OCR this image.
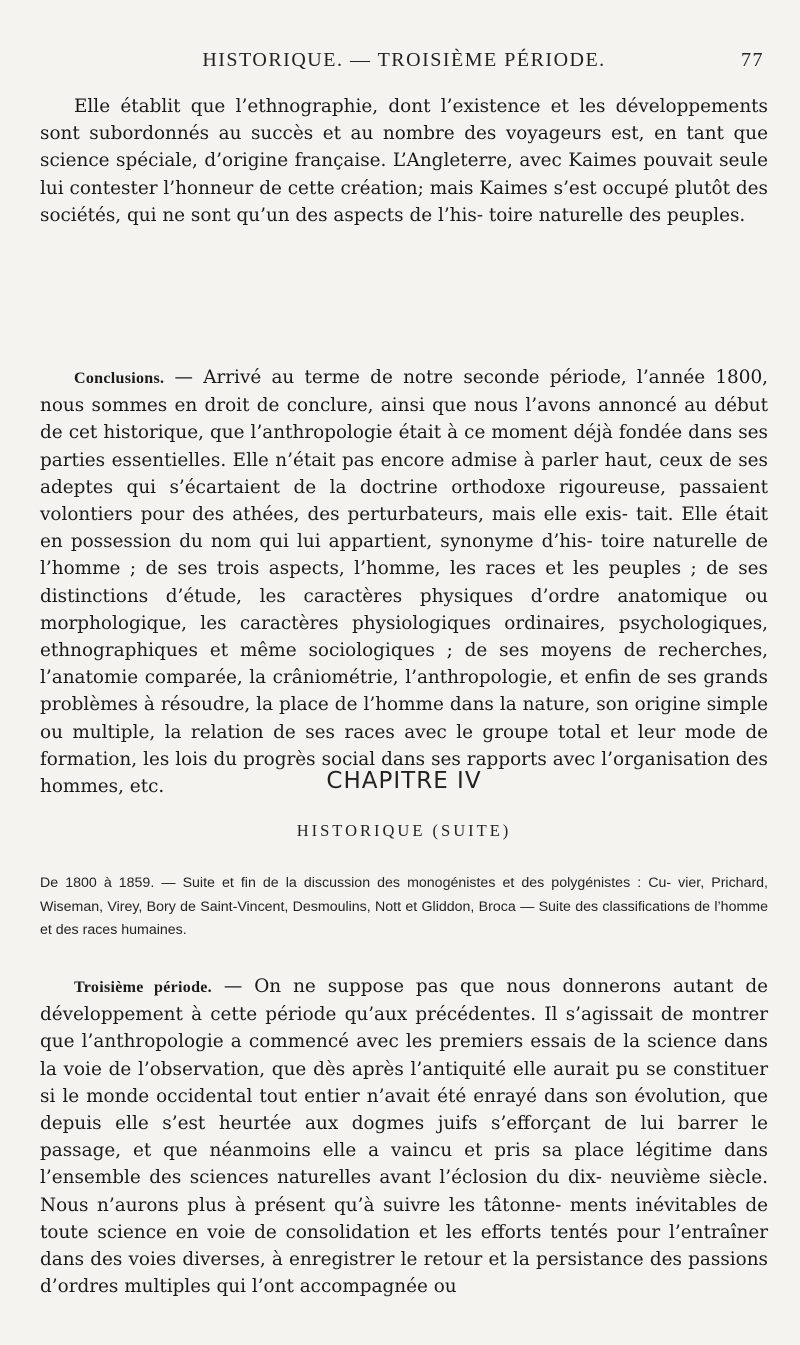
HISTORIQUE. — TROISIÈME PÉRIODE.	77

Elle établit que l’ethnographie, dont l’existence et les développements sont subordonnés au succès et au nombre des voyageurs est, en tant que science spéciale, d’origine française. L’Angleterre, avec Kaimes pouvait seule lui contester l’honneur de cette création; mais Kaimes s’est occupé plutôt des sociétés, qui ne sont qu’un des aspects de l’his- toire naturelle des peuples.

Conclusions. — Arrivé au terme de notre seconde période, l’année 1800, nous sommes en droit de conclure, ainsi que nous l’avons annoncé au début de cet historique, que l’anthropologie était à ce moment déjà fondée dans ses parties essentielles. Elle n’était pas encore admise à parler haut, ceux de ses adeptes qui s’écartaient de la doctrine orthodoxe rigoureuse, passaient volontiers pour des athées, des perturbateurs, mais elle exis- tait. Elle était en possession du nom qui lui appartient, synonyme d’his- toire naturelle de l’homme ; de ses trois aspects, l’homme, les races et les peuples ; de ses distinctions d’étude, les caractères physiques d’ordre anatomique ou morphologique, les caractères physiologiques ordinaires, psychologiques, ethnographiques et même sociologiques ; de ses moyens de recherches, l’anatomie comparée, la crâniométrie, l’anthropologie, et enfin de ses grands problèmes à résoudre, la place de l’homme dans la nature, son origine simple ou multiple, la relation de ses races avec le groupe total et leur mode de formation, les lois du progrès social dans ses rapports avec l’organisation des hommes, etc.	CHAPITRE IV
HISTORIQUE (SUITE)

De 1800 à 1859. — Suite et fin de la discussion des monogénistes et des polygénistes : Cu- vier, Prichard, Wiseman, Virey, Bory de Saint-Vincent, Desmoulins, Nott et Gliddon, Broca — Suite des classifications de l’homme et des races humaines.

Troisième période. — On ne suppose pas que nous donnerons autant de développement à cette période qu’aux précédentes. Il s’agissait de montrer que l’anthropologie a commencé avec les premiers essais de la science dans la voie de l’observation, que dès après l’antiquité elle aurait pu se constituer si le monde occidental tout entier n’avait été enrayé dans son évolution, que depuis elle s’est heurtée aux dogmes juifs s’efforçant de lui barrer le passage, et que néanmoins elle a vaincu et pris sa place légitime dans l’ensemble des sciences naturelles avant l’éclosion du dix- neuvième siècle. Nous n’aurons plus à présent qu’à suivre les tâtonne- ments inévitables de toute science en voie de consolidation et les efforts tentés pour l’entraîner dans des voies diverses, à enregistrer le retour et la persistance des passions d’ordres multiples qui l’ont accompagnée ou
